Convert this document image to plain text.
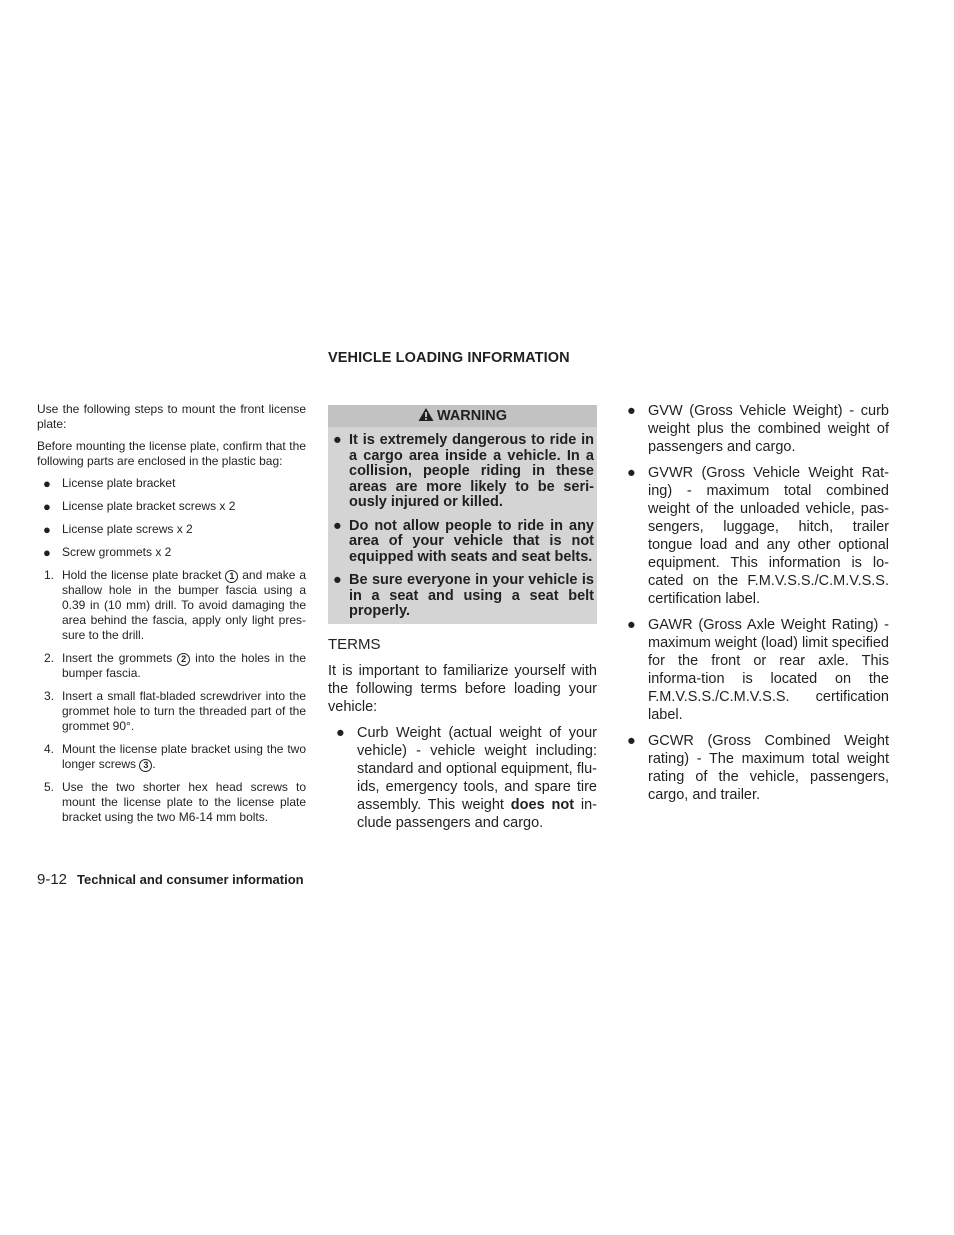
VEHICLE LOADING INFORMATION

Use the following steps to mount the front license plate:

Before mounting the license plate, confirm that the following parts are enclosed in the plastic bag:

● License plate bracket
● License plate bracket screws x 2
● License plate screws x 2
● Screw grommets x 2
1. Hold the license plate bracket 1 and make a shallow hole in the bumper fascia using a 0.39 in (10 mm) drill. To avoid damaging the area behind the fascia, apply only light pres-sure to the drill.
2. Insert the grommets 2 into the holes in the bumper fascia.
3. Insert a small flat-bladed screwdriver into the grommet hole to turn the threaded part of the grommet 90°.
4. Mount the license plate bracket using the two longer screws 3 .
5. Use the two shorter hex head screws to mount the license plate to the license plate bracket using the two M6-14 mm bolts.
WARNING
● It is extremely dangerous to ride in a cargo area inside a vehicle. In a collision, people riding in these areas are more likely to be seri-ously injured or killed.
● Do not allow people to ride in any area of your vehicle that is not equipped with seats and seat belts.
● Be sure everyone in your vehicle is in a seat and using a seat belt properly.

TERMS

It is important to familiarize yourself with the following terms before loading your vehicle:

● Curb Weight (actual weight of your vehicle) - vehicle weight including: standard and optional equipment, flu-ids, emergency tools, and spare tire assembly. This weight does not in-clude passengers and cargo.
● GVW (Gross Vehicle Weight) - curb weight plus the combined weight of passengers and cargo.
● GVWR (Gross Vehicle Weight Rat-ing) - maximum total combined weight of the unloaded vehicle, pas-sengers, luggage, hitch, trailer tongue load and any other optional equipment. This information is lo-cated on the F.M.V.S.S./C.M.V.S.S. certification label.
● GAWR (Gross Axle Weight Rating) - maximum weight (load) limit specified for the front or rear axle. This informa-tion is located on the F.M.V.S.S./C.M.V.S.S. certification label.
● GCWR (Gross Combined Weight rating) - The maximum total weight rating of the vehicle, passengers, cargo, and trailer.
9-12 Technical and consumer information
